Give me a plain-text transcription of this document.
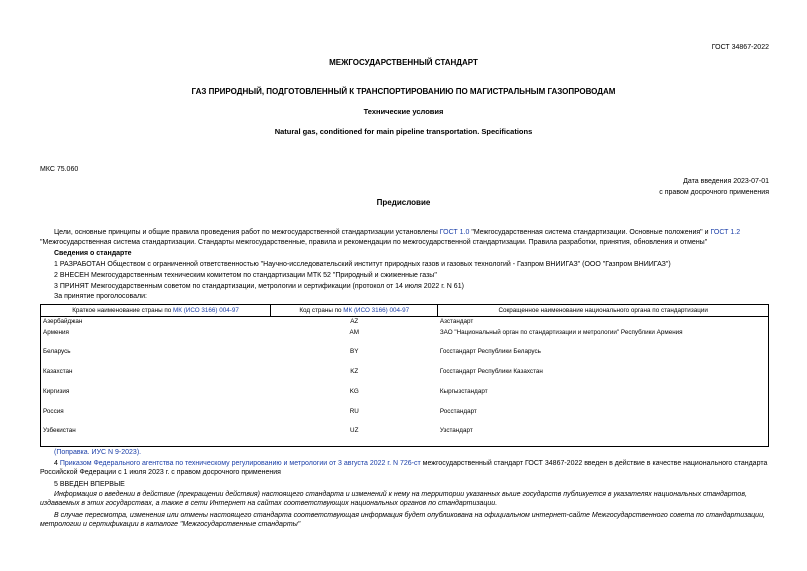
ГОСТ 34867-2022
МЕЖГОСУДАРСТВЕННЫЙ СТАНДАРТ
ГАЗ ПРИРОДНЫЙ, ПОДГОТОВЛЕННЫЙ К ТРАНСПОРТИРОВАНИЮ ПО МАГИСТРАЛЬНЫМ ГАЗОПРОВОДАМ
Технические условия
Natural gas, conditioned for main pipeline transportation. Specifications
МКС 75.060
Дата введения 2023-07-01
с правом досрочного применения
Предисловие
Цели, основные принципы и общие правила проведения работ по межгосударственной стандартизации установлены ГОСТ 1.0 "Межгосударственная система стандартизации. Основные положения" и ГОСТ 1.2
"Межгосударственная система стандартизации. Стандарты межгосударственные, правила и рекомендации по межгосударственной стандартизации. Правила разработки, принятия, обновления и отмены"
Сведения о стандарте
1 РАЗРАБОТАН Обществом с ограниченной ответственностью "Научно-исследовательский институт природных газов и газовых технологий - Газпром ВНИИГАЗ" (ООО "Газпром ВНИИГАЗ")
2 ВНЕСЕН Межгосударственным техническим комитетом по стандартизации МТК 52 "Природный и сжиженные газы"
3 ПРИНЯТ Межгосударственным советом по стандартизации, метрологии и сертификации (протокол от 14 июля 2022 г. N 61)
За принятие проголосовали:
Краткое наименование страны по МК (ИСО 3166) 004-97	Код страны по МК (ИСО 3166) 004-97	Сокращенное наименование национального органа по стандартизации
Азербайджан	AZ	Азстандарт
Армения	AM	ЗАО "Национальный орган по стандартизации и метрологии" Республики Армения
Беларусь	BY	Госстандарт Республики Беларусь
Казахстан	KZ	Госстандарт Республики Казахстан
Киргизия	KG	Кыргызстандарт
Россия	RU	Росстандарт
Узбекистан	UZ	Узстандарт
(Поправка. ИУС N 9-2023).
4 Приказом Федерального агентства по техническому регулированию и метрологии от 3 августа 2022 г. N 726-ст межгосударственный стандарт ГОСТ 34867-2022 введен в действие в качестве национального стандарта Российской Федерации с 1 июля 2023 г. с правом досрочного применения
5 ВВЕДЕН ВПЕРВЫЕ
Информация о введении в действие (прекращении действия) настоящего стандарта и изменений к нему на территории указанных выше государств публикуется в указателях национальных стандартов, издаваемых в этих государствах, а также в сети Интернет на сайтах соответствующих национальных органов по стандартизации.
В случае пересмотра, изменения или отмены настоящего стандарта соответствующая информация будет опубликована на официальном интернет-сайте Межгосударственного совета по стандартизации, метрологии и сертификации в каталоге "Межгосударственные стандарты"
